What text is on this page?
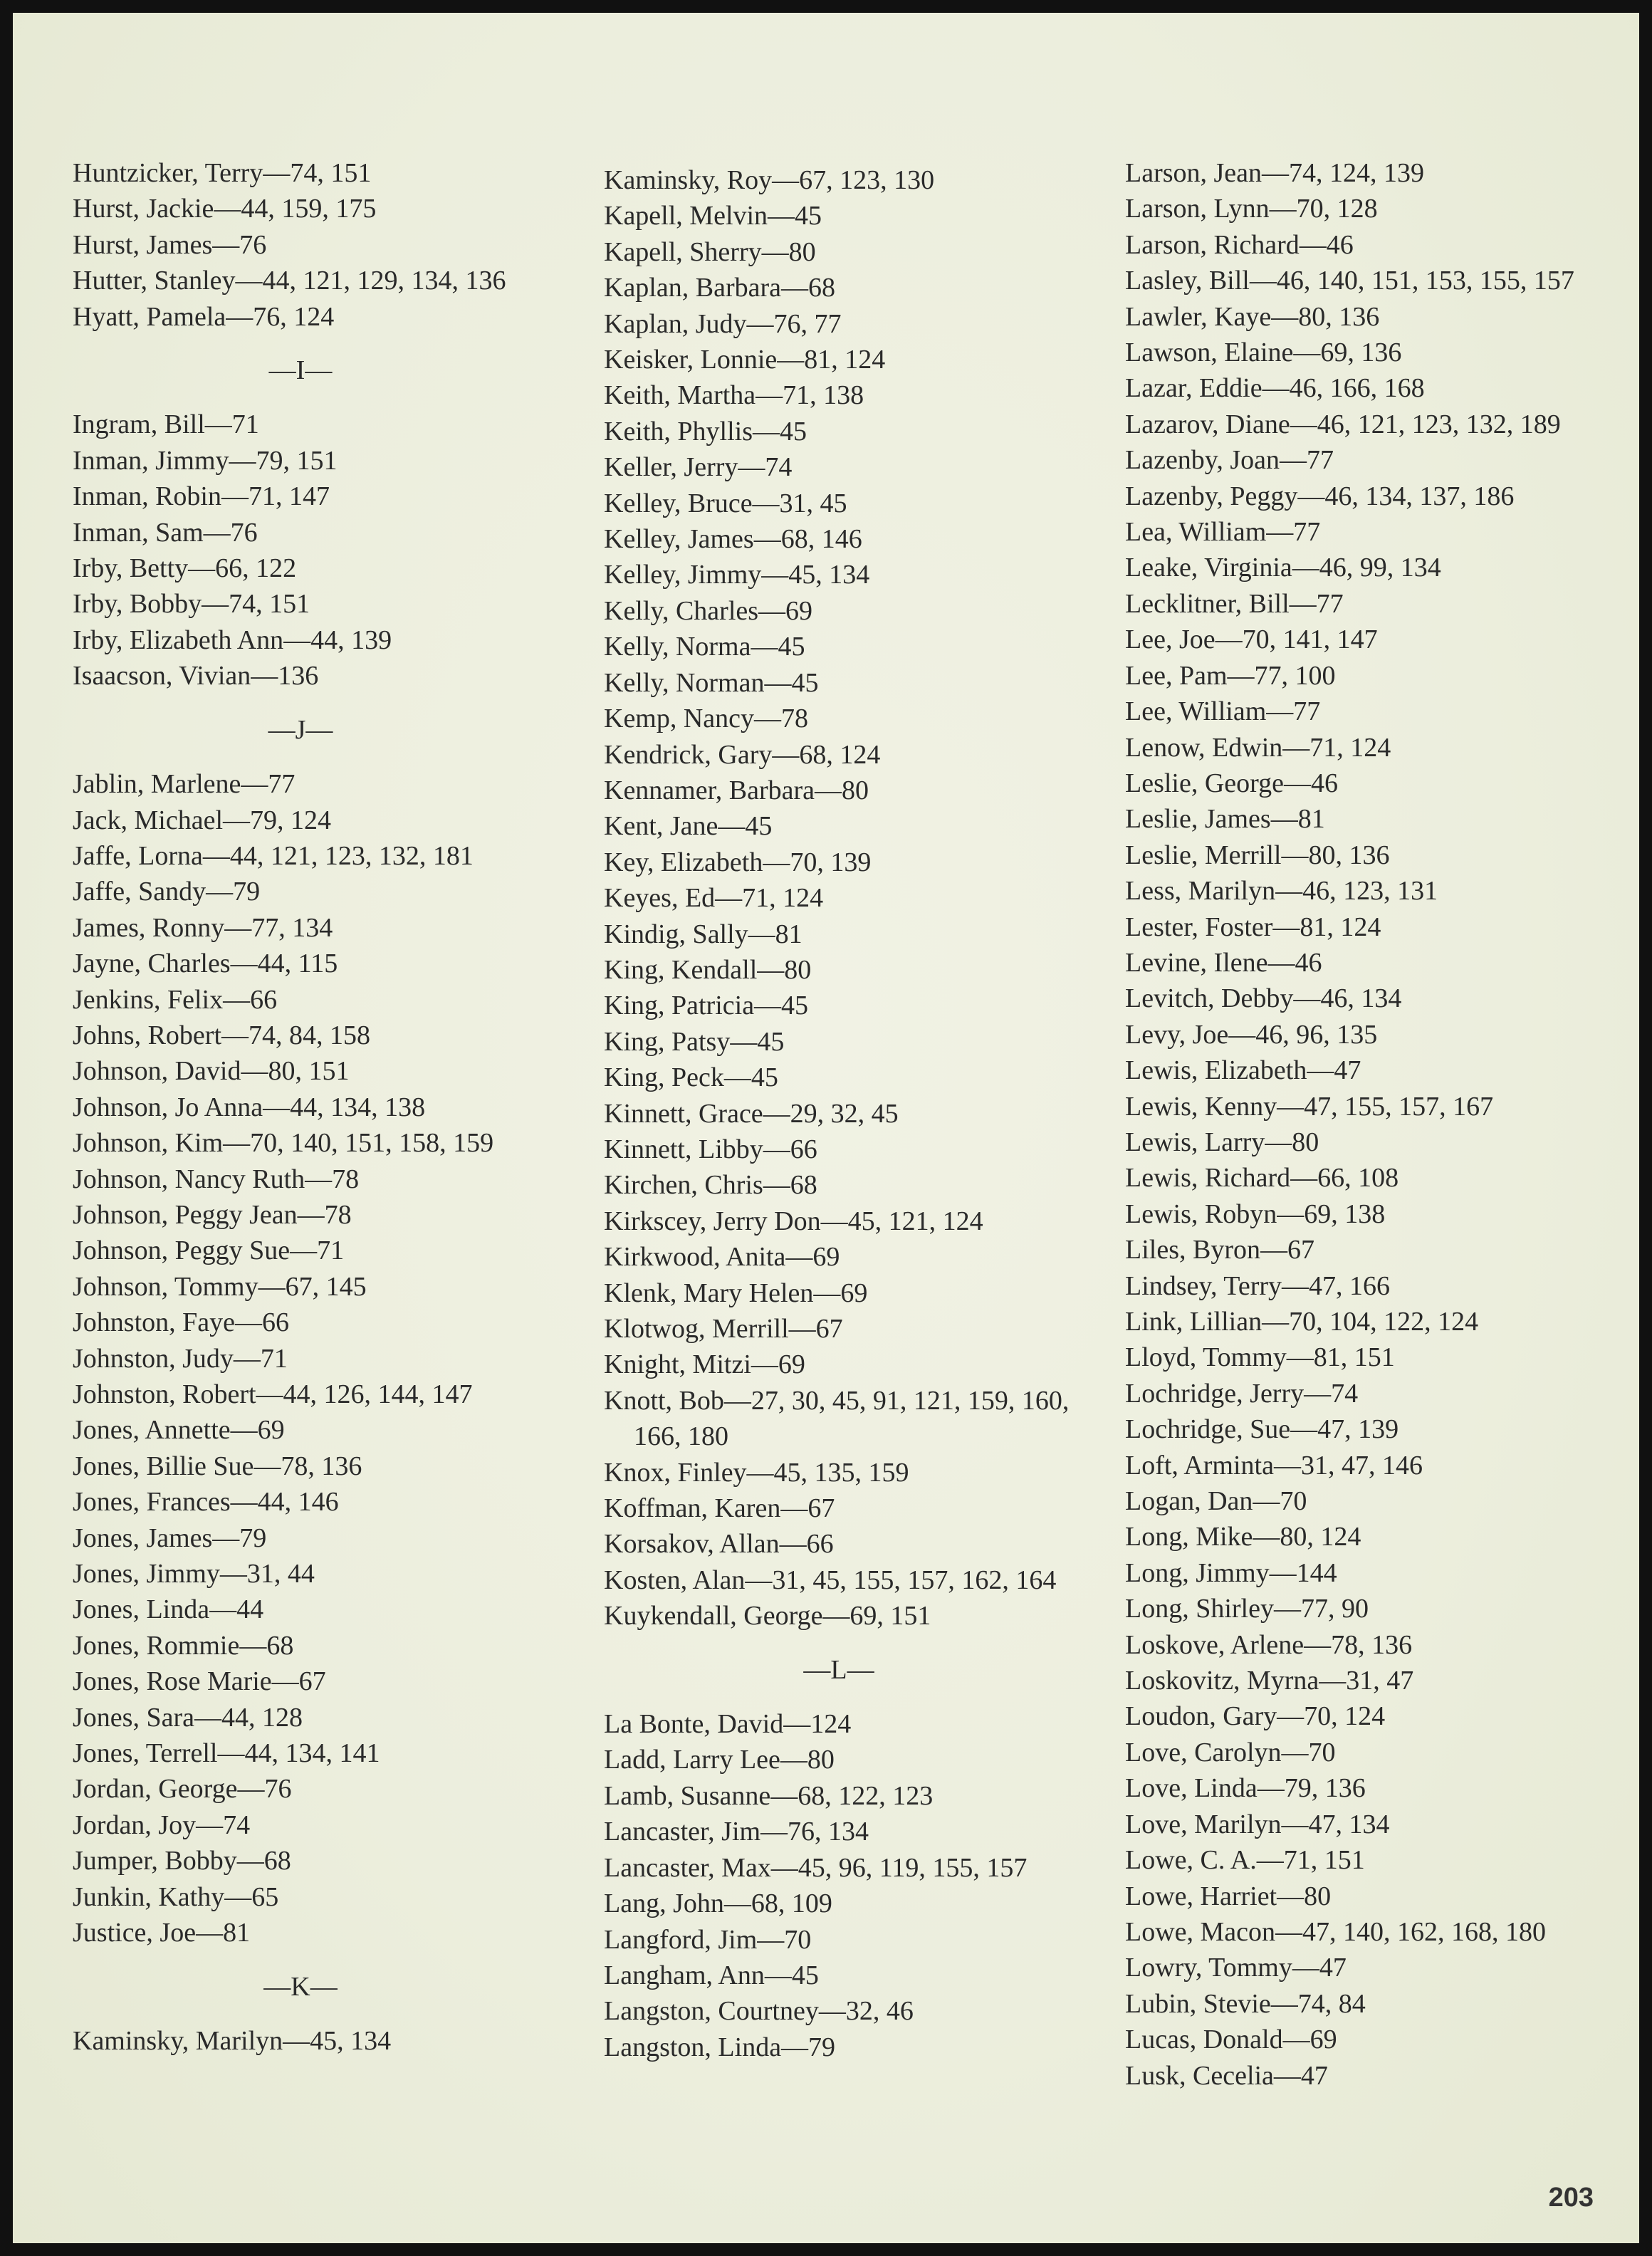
Huntzicker, Terry—74, 151
Hurst, Jackie—44, 159, 175
Hurst, James—76
Hutter, Stanley—44, 121, 129, 134, 136
Hyatt, Pamela—76, 124
—I—
Ingram, Bill—71
Inman, Jimmy—79, 151
Inman, Robin—71, 147
Inman, Sam—76
Irby, Betty—66, 122
Irby, Bobby—74, 151
Irby, Elizabeth Ann—44, 139
Isaacson, Vivian—136
—J—
Jablin, Marlene—77
Jack, Michael—79, 124
Jaffe, Lorna—44, 121, 123, 132, 181
Jaffe, Sandy—79
James, Ronny—77, 134
Jayne, Charles—44, 115
Jenkins, Felix—66
Johns, Robert—74, 84, 158
Johnson, David—80, 151
Johnson, Jo Anna—44, 134, 138
Johnson, Kim—70, 140, 151, 158, 159
Johnson, Nancy Ruth—78
Johnson, Peggy Jean—78
Johnson, Peggy Sue—71
Johnson, Tommy—67, 145
Johnston, Faye—66
Johnston, Judy—71
Johnston, Robert—44, 126, 144, 147
Jones, Annette—69
Jones, Billie Sue—78, 136
Jones, Frances—44, 146
Jones, James—79
Jones, Jimmy—31, 44
Jones, Linda—44
Jones, Rommie—68
Jones, Rose Marie—67
Jones, Sara—44, 128
Jones, Terrell—44, 134, 141
Jordan, George—76
Jordan, Joy—74
Jumper, Bobby—68
Junkin, Kathy—65
Justice, Joe—81
—K—
Kaminsky, Marilyn—45, 134
Kaminsky, Roy—67, 123, 130
Kapell, Melvin—45
Kapell, Sherry—80
Kaplan, Barbara—68
Kaplan, Judy—76, 77
Keisker, Lonnie—81, 124
Keith, Martha—71, 138
Keith, Phyllis—45
Keller, Jerry—74
Kelley, Bruce—31, 45
Kelley, James—68, 146
Kelley, Jimmy—45, 134
Kelly, Charles—69
Kelly, Norma—45
Kelly, Norman—45
Kemp, Nancy—78
Kendrick, Gary—68, 124
Kennamer, Barbara—80
Kent, Jane—45
Key, Elizabeth—70, 139
Keyes, Ed—71, 124
Kindig, Sally—81
King, Kendall—80
King, Patricia—45
King, Patsy—45
King, Peck—45
Kinnett, Grace—29, 32, 45
Kinnett, Libby—66
Kirchen, Chris—68
Kirkscey, Jerry Don—45, 121, 124
Kirkwood, Anita—69
Klenk, Mary Helen—69
Klotwog, Merrill—67
Knight, Mitzi—69
Knott, Bob—27, 30, 45, 91, 121, 159, 160, 166, 180
Knox, Finley—45, 135, 159
Koffman, Karen—67
Korsakov, Allan—66
Kosten, Alan—31, 45, 155, 157, 162, 164
Kuykendall, George—69, 151
—L—
La Bonte, David—124
Ladd, Larry Lee—80
Lamb, Susanne—68, 122, 123
Lancaster, Jim—76, 134
Lancaster, Max—45, 96, 119, 155, 157
Lang, John—68, 109
Langford, Jim—70
Langham, Ann—45
Langston, Courtney—32, 46
Langston, Linda—79
Larson, Jean—74, 124, 139
Larson, Lynn—70, 128
Larson, Richard—46
Lasley, Bill—46, 140, 151, 153, 155, 157
Lawler, Kaye—80, 136
Lawson, Elaine—69, 136
Lazar, Eddie—46, 166, 168
Lazarov, Diane—46, 121, 123, 132, 189
Lazenby, Joan—77
Lazenby, Peggy—46, 134, 137, 186
Lea, William—77
Leake, Virginia—46, 99, 134
Lecklitner, Bill—77
Lee, Joe—70, 141, 147
Lee, Pam—77, 100
Lee, William—77
Lenow, Edwin—71, 124
Leslie, George—46
Leslie, James—81
Leslie, Merrill—80, 136
Less, Marilyn—46, 123, 131
Lester, Foster—81, 124
Levine, Ilene—46
Levitch, Debby—46, 134
Levy, Joe—46, 96, 135
Lewis, Elizabeth—47
Lewis, Kenny—47, 155, 157, 167
Lewis, Larry—80
Lewis, Richard—66, 108
Lewis, Robyn—69, 138
Liles, Byron—67
Lindsey, Terry—47, 166
Link, Lillian—70, 104, 122, 124
Lloyd, Tommy—81, 151
Lochridge, Jerry—74
Lochridge, Sue—47, 139
Loft, Arminta—31, 47, 146
Logan, Dan—70
Long, Mike—80, 124
Long, Jimmy—144
Long, Shirley—77, 90
Loskove, Arlene—78, 136
Loskovitz, Myrna—31, 47
Loudon, Gary—70, 124
Love, Carolyn—70
Love, Linda—79, 136
Love, Marilyn—47, 134
Lowe, C. A.—71, 151
Lowe, Harriet—80
Lowe, Macon—47, 140, 162, 168, 180
Lowry, Tommy—47
Lubin, Stevie—74, 84
Lucas, Donald—69
Lusk, Cecelia—47
203
